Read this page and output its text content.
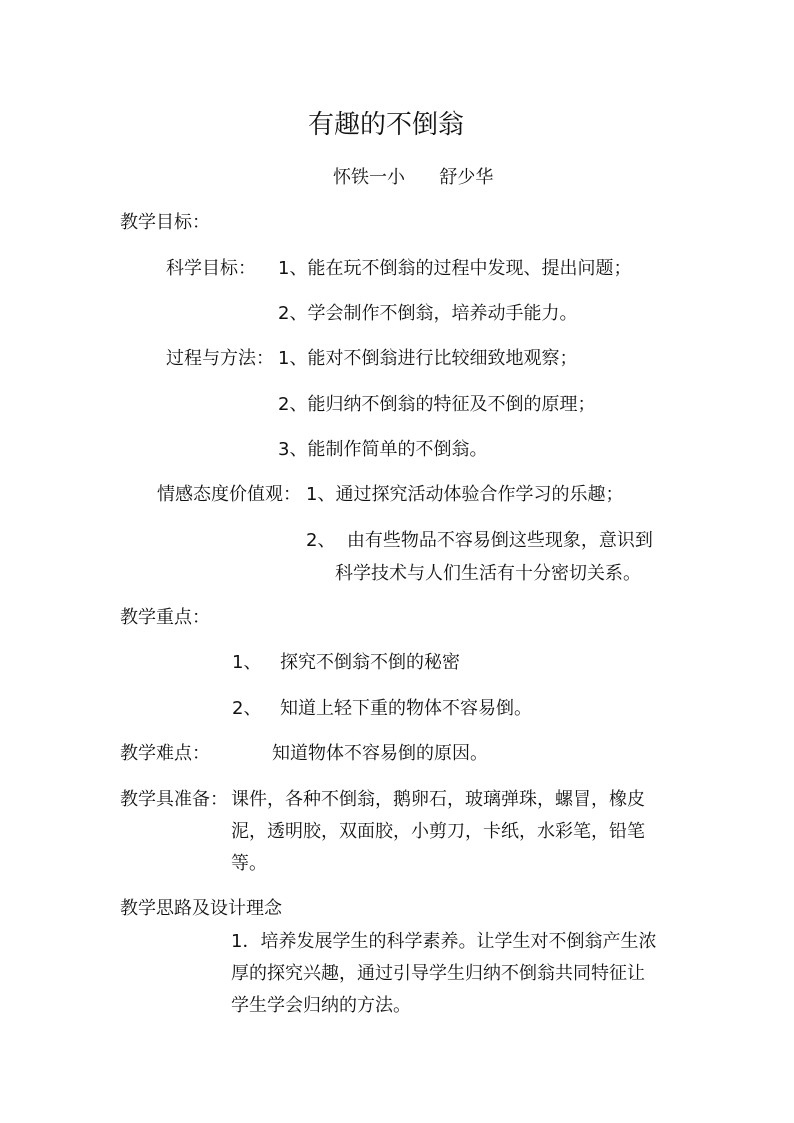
有趣的不倒翁
怀铁一小      舒少华
教学目标：
科学目标： 1、能在玩不倒翁的过程中发现、提出问题；
2、学会制作不倒翁，培养动手能力。
过程与方法： 1、能对不倒翁进行比较细致地观察；
2、能归纳不倒翁的特征及不倒的原理；
3、能制作简单的不倒翁。
情感态度价值观： 1、通过探究活动体验合作学习的乐趣；
2、  由有些物品不容易倒这些现象，意识到
科学技术与人们生活有十分密切关系。
教学重点：
1、 探究不倒翁不倒的秘密
2、 知道上轻下重的物体不容易倒。
教学难点：	知道物体不容易倒的原因。
教学具准备： 课件，各种不倒翁，鹅卵石，玻璃弹珠，螺冒，橡皮
泥，透明胶，双面胶，小剪刀，卡纸，水彩笔，铅笔
等。
教学思路及设计理念
1．培养发展学生的科学素养。让学生对不倒翁产生浓
厚的探究兴趣，通过引导学生归纳不倒翁共同特征让
学生学会归纳的方法。
